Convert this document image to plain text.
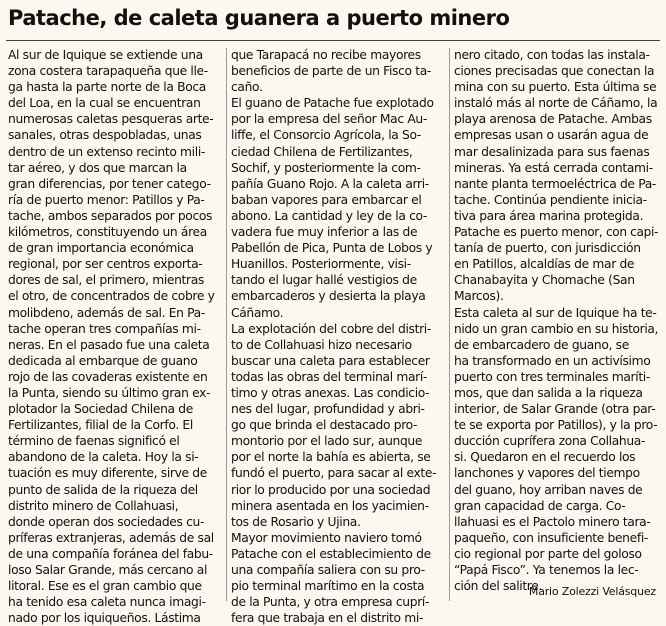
Patache, de caleta guanera a puerto minero
Al sur de Iquique se extiende una
zona costera tarapaqueña que lle-
ga hasta la parte norte de la Boca
del Loa, en la cual se encuentran
numerosas caletas pesqueras arte-
sanales, otras despobladas, unas
dentro de un extenso recinto mili-
tar aéreo, y dos que marcan la
gran diferencias, por tener catego-
ría de puerto menor: Patillos y Pa-
tache, ambos separados por pocos
kilómetros, constituyendo un área
de gran importancia económica
regional, por ser centros exporta-
dores de sal, el primero, mientras
el otro, de concentrados de cobre y
molibdeno, además de sal. En Pa-
tache operan tres compañías mi-
neras. En el pasado fue una caleta
dedicada al embarque de guano
rojo de las covaderas existente en
la Punta, siendo su último gran ex-
plotador la Sociedad Chilena de
Fertilizantes, filial de la Corfo. El
término de faenas significó el
abandono de la caleta. Hoy la si-
tuación es muy diferente, sirve de
punto de salida de la riqueza del
distrito minero de Collahuasi,
donde operan dos sociedades cu-
príferas extranjeras, además de sal
de una compañía foránea del fabu-
loso Salar Grande, más cercano al
litoral. Ese es el gran cambio que
ha tenido esa caleta nunca imagi-
nado por los iquiqueños. Lástima
que Tarapacá no recibe mayores
beneficios de parte de un Fisco ta-
caño.
El guano de Patache fue explotado
por la empresa del señor Mac Au-
liffe, el Consorcio Agrícola, la So-
ciedad Chilena de Fertilizantes,
Sochif, y posteriormente la com-
pañía Guano Rojo. A la caleta arri-
baban vapores para embarcar el
abono. La cantidad y ley de la co-
vadera fue muy inferior a las de
Pabellón de Pica, Punta de Lobos y
Huanillos. Posteriormente, visi-
tando el lugar hallé vestigios de
embarcaderos y desierta la playa
Cáñamo.
La explotación del cobre del distri-
to de Collahuasi hizo necesario
buscar una caleta para establecer
todas las obras del terminal marí-
timo y otras anexas. Las condicio-
nes del lugar, profundidad y abri-
go que brinda el destacado pro-
montorio por el lado sur, aunque
por el norte la bahía es abierta, se
fundó el puerto, para sacar al exte-
rior lo producido por una sociedad
minera asentada en los yacimien-
tos de Rosario y Ujina.
Mayor movimiento naviero tomó
Patache con el establecimiento de
una compañía saliera con su pro-
pio terminal marítimo en la costa
de la Punta, y otra empresa cuprí-
fera que trabaja en el distrito mi-
nero citado, con todas las instala-
ciones precisadas que conectan la
mina con su puerto. Esta última se
instaló más al norte de Cáñamo, la
playa arenosa de Patache. Ambas
empresas usan o usarán agua de
mar desalinizada para sus faenas
mineras. Ya está cerrada contami-
nante planta termoeléctrica de Pa-
tache. Continúa pendiente inicia-
tiva para área marina protegida.
Patache es puerto menor, con capi-
tanía de puerto, con jurisdicción
en Patillos, alcaldías de mar de
Chanabayita y Chomache (San
Marcos).
Esta caleta al sur de Iquique ha te-
nido un gran cambio en su historia,
de embarcadero de guano, se
ha transformado en un activísimo
puerto con tres terminales maríti-
mos, que dan salida a la riqueza
interior, de Salar Grande (otra par-
te se exporta por Patillos), y la pro-
ducción cuprífera zona Collahua-
si. Quedaron en el recuerdo los
lanchones y vapores del tiempo
del guano, hoy arriban naves de
gran capacidad de carga. Co-
llahuasi es el Pactolo minero tara-
paqueño, con insuficiente benefi-
cio regional por parte del goloso
“Papá Fisco”. Ya tenemos la lec-
ción del salitre.
Mario Zolezzi Velásquez
